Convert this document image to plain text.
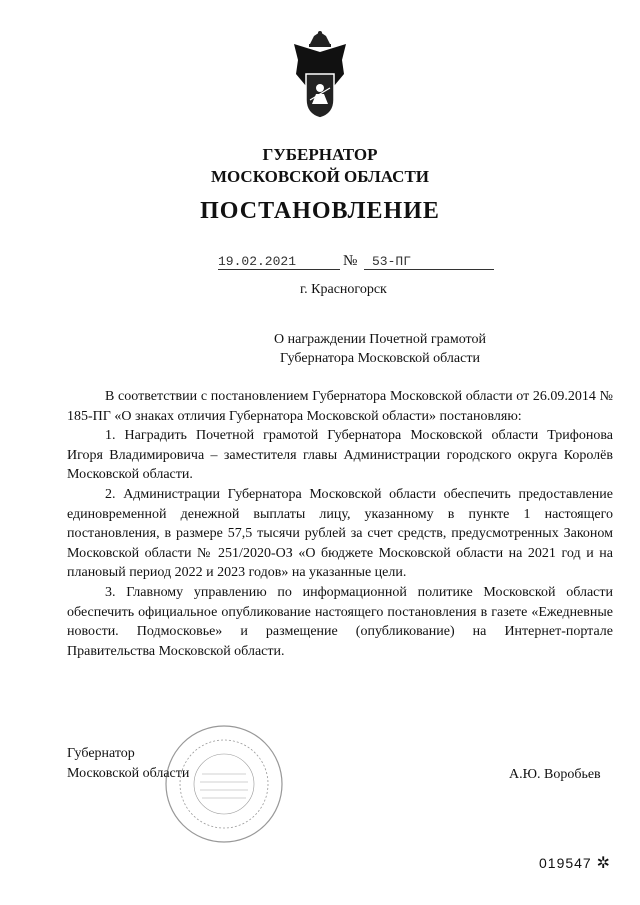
ГУБЕРНАТОР
МОСКОВСКОЙ ОБЛАСТИ
ПОСТАНОВЛЕНИЕ
19.02.2021	№	53-ПГ
г. Красногорск
О награждении Почетной грамотой
Губернатора Московской области

В соответствии с постановлением Губернатора Московской области от 26.09.2014 № 185-ПГ «О знаках отличия Губернатора Московской области» постановляю:

1. Наградить Почетной грамотой Губернатора Московской области Трифонова Игоря Владимировича – заместителя главы Администрации городского округа Королёв Московской области.

2. Администрации Губернатора Московской области обеспечить предоставление единовременной денежной выплаты лицу, указанному в пункте 1 настоящего постановления, в размере 57,5 тысячи рублей за счет средств, предусмотренных Законом Московской области № 251/2020-ОЗ «О бюджете Московской области на 2021 год и на плановый период 2022 и 2023 годов» на указанные цели.

3. Главному управлению по информационной политике Московской области обеспечить официальное опубликование настоящего постановления в газете «Ежедневные новости. Подмосковье» и размещение (опубликование) на Интернет-портале Правительства Московской области.

Губернатор
Московской области	А.Ю. Воробьев
019547 ✲
